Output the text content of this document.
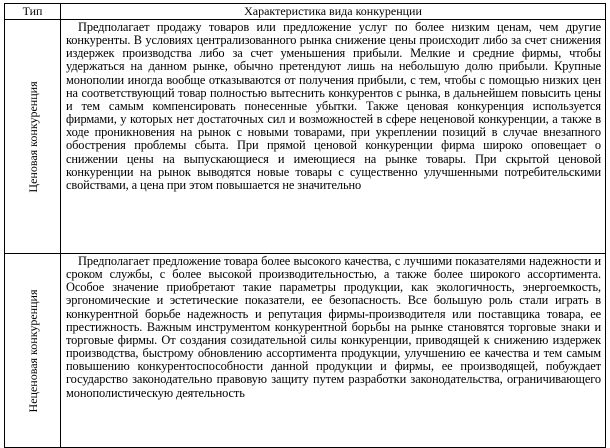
Тип	Характеристика вида конкуренции
Ценовая конкуренция

Предполагает продажу товаров или предложение услуг по более низким ценам, чем другие конкуренты. В условиях централизованного рынка снижение цены происходит либо за счет снижения издержек производства либо за счет уменьшения прибыли. Мелкие и средние фирмы, чтобы удержаться на данном рынке, обычно претендуют лишь на небольшую долю прибыли. Крупные монополии иногда вообще отказываются от получения прибыли, с тем, чтобы с помощью низких цен на соответствующий товар полностью вытеснить конкурентов с рынка, в дальнейшем повысить цены и тем самым компенсировать понесенные убытки. Также ценовая конкуренция используется фирмами, у которых нет достаточных сил и возможностей в сфере неценовой конкуренции, а также в ходе проникновения на рынок с новыми товарами, при укреплении позиций в случае внезапного обострения проблемы сбыта. При прямой ценовой конкуренции фирма широко оповещает о снижении цены на выпускающиеся и имеющиеся на рынке товары. При скрытой ценовой конкуренции на рынок выводятся новые товары с существенно улучшенными потребительскими свойствами, а цена при этом повышается не значительно

Неценовая конкуренция

Предполагает предложение товара более высокого качества, с лучшими показателями надежности и сроком службы, с более высокой производительностью, а также более широкого ассортимента. Особое значение приобретают такие параметры продукции, как экологичность, энергоемкость, эргономические и эстетические показатели, ее безопасность. Все большую роль стали играть в конкурентной борьбе надежность и репутация фирмы-производителя или поставщика товара, ее престижность. Важным инструментом конкурентной борьбы на рынке становятся торговые знаки и торговые фирмы. От создания созидательной силы конкуренции, приводящей к снижению издержек производства, быстрому обновлению ассортимента продукции, улучшению ее качества и тем самым повышению конкурентоспособности данной продукции и фирмы, ее производящей, побуждает государство законодательно правовую защиту путем разработки законодательства, ограничивающего монополистическую деятельность
